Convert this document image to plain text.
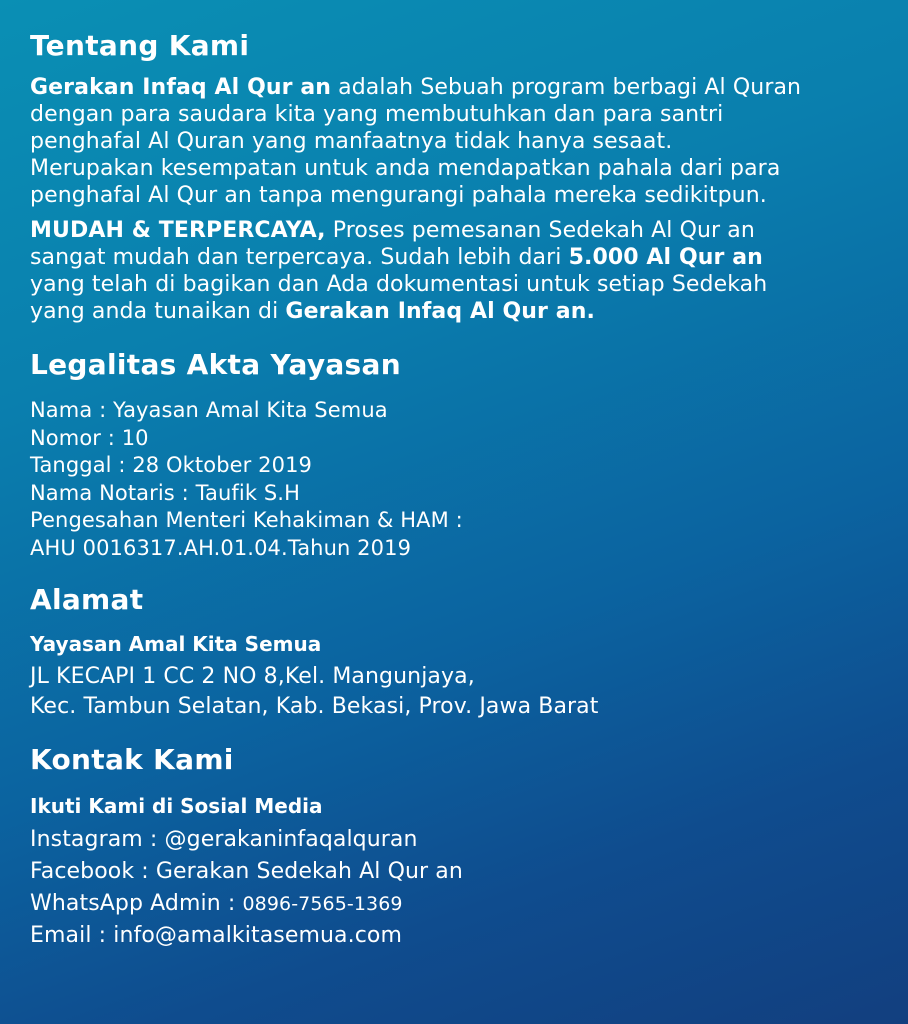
Tentang Kami

Gerakan Infaq Al Qur an adalah Sebuah program berbagi Al Quran
dengan para saudara kita yang membutuhkan dan para santri
penghafal Al Quran yang manfaatnya tidak hanya sesaat.
Merupakan kesempatan untuk anda mendapatkan pahala dari para
penghafal Al Qur an tanpa mengurangi pahala mereka sedikitpun.

MUDAH & TERPERCAYA, Proses pemesanan Sedekah Al Qur an
sangat mudah dan terpercaya. Sudah lebih dari 5.000 Al Qur an
yang telah di bagikan dan Ada dokumentasi untuk setiap Sedekah
yang anda tunaikan di Gerakan Infaq Al Qur an.

Legalitas Akta Yayasan

Nama : Yayasan Amal Kita Semua
Nomor : 10
Tanggal : 28 Oktober 2019
Nama Notaris : Taufik S.H
Pengesahan Menteri Kehakiman & HAM :
AHU 0016317.AH.01.04.Tahun 2019

Alamat

Yayasan Amal Kita Semua

JL KECAPI 1 CC 2 NO 8,Kel. Mangunjaya,
Kec. Tambun Selatan, Kab. Bekasi, Prov. Jawa Barat

Kontak Kami

Ikuti Kami di Sosial Media

Instagram : @gerakaninfaqalquran
Facebook : Gerakan Sedekah Al Qur an
WhatsApp Admin : 0896-7565-1369
Email : info@amalkitasemua.com
